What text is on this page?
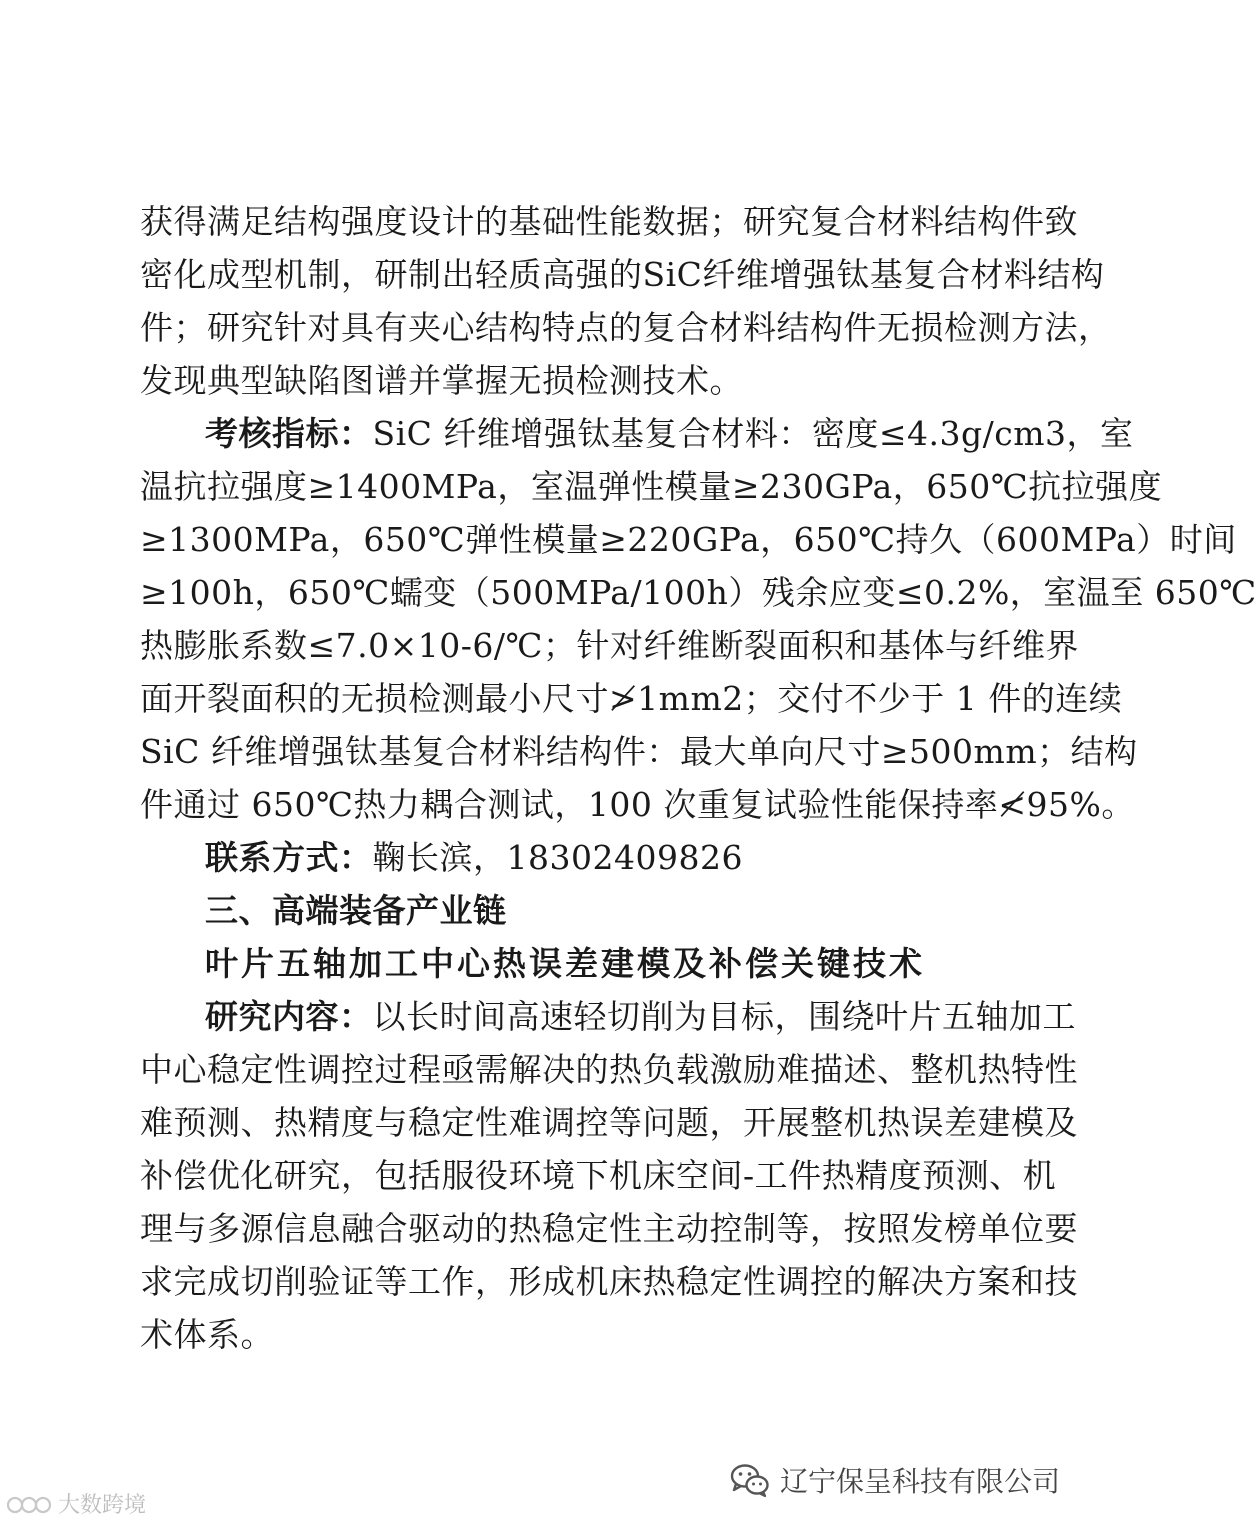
获得满足结构强度设计的基础性能数据；研究复合材料结构件致
密化成型机制，研制出轻质高强的SiC纤维增强钛基复合材料结构
件；研究针对具有夹心结构特点的复合材料结构件无损检测方法，
发现典型缺陷图谱并掌握无损检测技术。
考核指标：SiC 纤维增强钛基复合材料：密度≤4.3g/cm3，室
温抗拉强度≥1400MPa，室温弹性模量≥230GPa，650℃抗拉强度
≥1300MPa，650℃弹性模量≥220GPa，650℃持久（600MPa）时间
≥100h，650℃蠕变（500MPa/100h）残余应变≤0.2%，室温至 650℃
热膨胀系数≤7.0×10-6/℃；针对纤维断裂面积和基体与纤维界
面开裂面积的无损检测最小尺寸≯1mm2；交付不少于 1 件的连续
SiC 纤维增强钛基复合材料结构件：最大单向尺寸≥500mm；结构
件通过 650℃热力耦合测试，100 次重复试验性能保持率≮95%。
联系方式：鞠长滨，18302409826
三、高端装备产业链
叶片五轴加工中心热误差建模及补偿关键技术
研究内容：以长时间高速轻切削为目标，围绕叶片五轴加工
中心稳定性调控过程亟需解决的热负载激励难描述、整机热特性
难预测、热精度与稳定性难调控等问题，开展整机热误差建模及
补偿优化研究，包括服役环境下机床空间-工件热精度预测、机
理与多源信息融合驱动的热稳定性主动控制等，按照发榜单位要
求完成切削验证等工作，形成机床热稳定性调控的解决方案和技
术体系。
辽宁保呈科技有限公司
大数跨境
